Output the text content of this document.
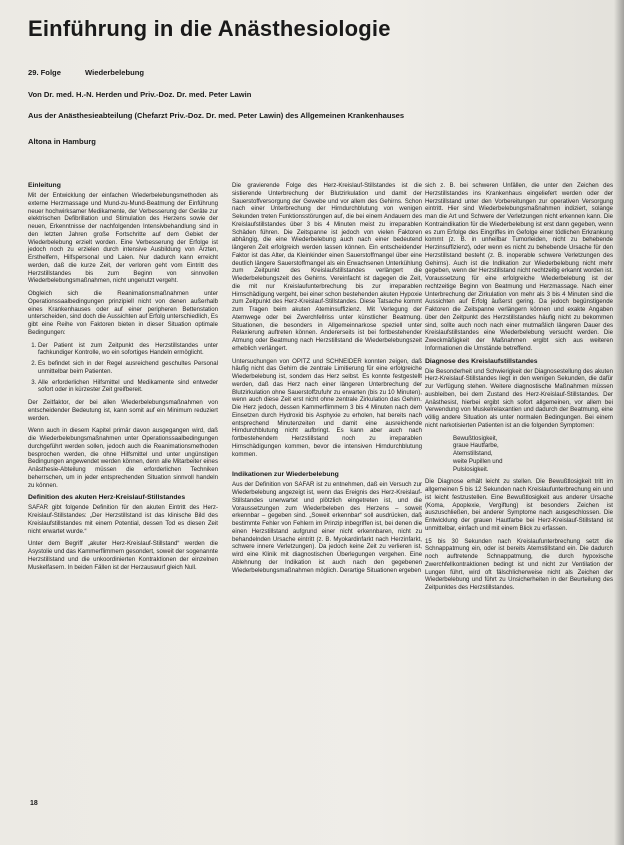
Einführung in die Anästhesiologie
29. Folge	Wiederbelebung
Von Dr. med. H.-N. Herden und Priv.-Doz. Dr. med. Peter Lawin
Aus der Anästhesieabteilung (Chefarzt Priv.-Doz. Dr. med. Peter Lawin) des Allgemeinen Krankenhauses
Altona in Hamburg
Einleitung

Mit der Entwicklung der einfachen Wiederbelebungsmethoden als externe Herzmassage und Mund-zu-Mund-Beatmung der Einführung neuer hochwirksamer Medikamente, der Verbesserung der Geräte zur elektrischen Defibrillation und Stimulation des Herzens sowie der neuen, Erkenntnisse der nachfolgenden Intensivbehandlung sind in den letzten Jahren große Fortschritte auf dem Gebiet der Wiederbelebung erzielt worden. Eine Verbesserung der Erfolge ist jedoch noch zu erzielen durch intensive Ausbildung von Ärzten, Ersthelfern, Hilfspersonal und Laien. Nur dadurch kann erreicht werden, daß die kurze Zeit, der verloren geht vom Eintritt des Herzstillstandes bis zum Beginn von sinnvollen Wiederbelebungsmaßnahmen, nicht ungenutzt vergeht.

Obgleich sich die Reanimationsmaßnahmen unter Operationssaalbedingungen prinzipiell nicht von denen außerhalb eines Krankenhauses oder auf einer peripheren Bettenstation unterscheiden, sind doch die Aussichten auf Erfolg unterschiedlich, Es gibt eine Reihe von Faktoren bieten in dieser Situation optimale Bedingungen:

1. Der Patient ist zum Zeitpunkt des Herzstillstandes unter fachkundiger Kontrolle, wo ein sofortiges Handeln ermöglicht.
2. Es befindet sich in der Regel ausreichend geschultes Personal unmittelbar beim Patienten.
3. Alle erforderlichen Hilfsmittel und Medikamente sind entweder sofort oder in kürzester Zeit greifbereit.

Der Zeitfaktor, der bei allen Wiederbelebungsmaßnahmen von entscheidender Bedeutung ist, kann somit auf ein Minimum reduziert werden.

Wenn auch in diesem Kapitel primär davon ausgegangen wird, daß die Wiederbelebungsmaßnahmen unter Operationssaalbedingungen durchgeführt werden sollen, jedoch auch die Reanimationsmethoden besprochen werden, die ohne Hilfsmittel und unter ungünstigen Bedingungen angewendet werden können, denn alle Mitarbeiter eines Anästhesie-Abteilung müssen die erforderlichen Techniken beherrschen, um in jeder entsprechenden Situation sinnvoll handeln zu können.

Definition des akuten Herz-Kreislauf-Stillstandes

SAFAR gibt folgende Definition für den akuten Eintritt des Herz-Kreislauf-Stillstandes: „Der Herzstillstand ist das klinische Bild des Kreislaufstillstandes mit einem Potential, dessen Tod es diesen Zeit nicht erwartet wurde.“

Unter dem Begriff „akuter Herz-Kreislauf-Stillstand“ werden die Asystolie und das Kammerflimmern gesondert, soweit der sogenannte Herzstillstand und die unkoordinierten Kontraktionen der einzelnen Muskelfasern. In beiden Fällen ist der Herzauswurf gleich Null.

Die gravierende Folge des Herz-Kreislauf-Stillstandes ist die sistierende Unterbrechung der Blutzirkulation und damit der Sauerstoffversorgung der Gewebe und vor allem des Gehirns. Schon nach einer Unterbrechung der Hirndurchblutung von wenigen Sekunden treten Funktionsstörungen auf, die bei einem Andauern des Kreislaufstillstandes über 3 bis 4 Minuten meist zu irreparablen Schäden führen. Die Zeitspanne ist jedoch von vielen Faktoren abhängig, die eine Wiederbelebung auch nach einer bedeutend längeren Zeit erfolgreich werden lassen können. Ein entscheidender Faktor ist das Alter, da Kleinkinder einen Sauerstoffmangel über eine deutlich längere Sauerstoffmangel als ein Erwachsenen Unterkühlung zum Zeitpunkt des Kreislaufstillstandes verlängert die Wiederbelebungszeit des Gehirns. Vereinfacht ist dagegen die Zeit, die mit nur Kreislaufunterbrechung bis zur irreparablen Hirnschädigung vergeht, bei einer schon bestehenden akuten Hypoxie zum Zeitpunkt des Herz-Kreislauf-Stillstandes. Diese Tatsache kommt zum Tragen beim akuten Ateminsuffizienz. Mit Verlegung der Atemwege oder bei Zwerchfellriss unter künstlicher Beatmung. Situationen, die besonders in Allgemeinnarkose speziell unter Relaxierung auftreten können. Andererseits ist bei fortbestehender Atmung oder Beatmung nach Herzstillstand die Wiederbelebungszeit erheblich verlängert.

Untersuchungen von OPITZ und SCHNEIDER konnten zeigen, daß häufig nicht das Gehirn die zentrale Limitierung für eine erfolgreiche Wiederbelebung ist, sondern das Herz selbst. Es konnte festgestellt werden, daß das Herz nach einer längeren Unterbrechung der Blutzirkulation ohne Sauerstoffzufuhr zu erwarten (bis zu 10 Minuten), wenn auch diese Zeit erst nicht ohne zentrale Zirkulation das Gehirn. Die Herz jedoch, dessen Kammerflimmern 3 bis 4 Minuten nach dem Einsetzen durch Hydroxid bis Asphyxie zu erholen, hat bereits nach entsprechend Minutenzeiten und damit eine ausreichende Hirndurchblutung nicht aufbringt. Es kann aber auch nach fortbestehendem Herzstillstand noch zu irreparablen Hirnschädigungen kommen, bevor die intensiven Hirndurchblutung kommen.

Indikationen zur Wiederbelebung

Aus der Definition von SAFAR ist zu entnehmen, daß ein Versuch zur Wiederbelebung angezeigt ist, wenn das Ereignis des Herz-Kreislauf-Stillstandes unerwartet und plötzlich eingetreten ist, und die Voraussetzungen zum Wiederbeleben des Herzens – soweit erkennbar – gegeben sind. „Soweit erkennbar“ soll ausdrücken, daß bestimmte Fehler von Fehlern im Prinzip inbegriffen ist, bei denen die einen Herzstillstand aufgrund einer nicht erkennbaren, nicht zu behandelnden Ursache eintritt (z. B. Myokardinfarkt nach Herzinfarkt, schwere innere Verletzungen). Da jedoch keine Zeit zu verlieren ist, wird eine Klinik mit diagnostischen Überlegungen vergehen. Eine Ablehnung der Indikation ist auch nach den gegebenen Wiederbelebungsmaßnahmen möglich. Derartige Situationen ergeben

sich z. B. bei schweren Unfällen, die unter den Zeichen des Herzstillstandes ins Krankenhaus eingeliefert werden oder der Herzstillstand unter den Vorbereitungen zur operativen Versorgung eintritt. Hier sind Wiederbelebungsmaßnahmen indiziert, solange man die Art und Schwere der Verletzungen nicht erkennen kann. Die Kontraindikation für die Wiederbelebung ist erst dann gegeben, wenn es zum Erfolge des Eingriffes im Gefolge einer tödlichen Erkrankung kommt (z. B. in unheilbar Tumorleiden, nicht zu behebende Herzinsuffizienz), oder wenn es nicht zu behebende Ursache für den Herzstillstand besteht (z. B. inoperable schwere Verletzungen des Gehirns). Auch ist die Indikation zur Wiederbelebung nicht mehr gegeben, wenn der Herzstillstand nicht rechtzeitig erkannt worden ist. Voraussetzung für eine erfolgreiche Wiederbelebung ist der rechtzeitige Beginn von Beatmung und Herzmassage. Nach einer Unterbrechung der Zirkulation von mehr als 3 bis 4 Minuten sind die Aussichten auf Erfolg äußerst gering. Da jedoch begünstigende Faktoren die Zeitspanne verlängern können und exakte Angaben über den Zeitpunkt des Herzstillstandes häufig nicht zu bekommen sind, sollte auch noch nach einer mutmaßlich längeren Dauer des Kreislaufstillstandes eine Wiederbelebung versucht werden. Die Zweckmäßigkeit der Maßnahmen ergibt sich aus weiteren Informationen die Umstände betreffend.

Diagnose des Kreislaufstillstandes

Die Besonderheit und Schwierigkeit der Diagnosestellung des akuten Herz-Kreislauf-Stillstandes liegt in den wenigen Sekunden, die dafür zur Verfügung stehen. Weitere diagnostische Maßnahmen müssen ausbleiben, bei dem Zustand des Herz-Kreislauf-Stillstandes. Der Anästhesist, hierbei ergibt sich sofort allgemeinen, vor allem bei Verwendung von Muskelrelaxantien und dadurch der Beatmung, eine völlig andere Situation als unter normalen Bedingungen. Bei einem nicht narkotisierten Patienten ist an die folgenden Symptomen:

Bewußtlosigkeit,
graue Hautfarbe,
Atemstillstand,
weite Pupillen und
Pulslosigkeit.

Die Diagnose erhält leicht zu stellen. Die Bewußtlosigkeit tritt im allgemeinen 5 bis 12 Sekunden nach Kreislaufunterbrechung ein und ist leicht festzustellen. Eine Bewußtlosigkeit aus anderer Ursache (Koma, Apoplexie, Vergiftung) ist besonders Zeichen ist auszuschließen, bei anderer Symptome nach ausgeschlossen. Die Entwicklung der grauen Hautfarbe bei Herz-Kreislauf-Stillstand ist unmittelbar, einfach und mit einem Blick zu erfassen.

15 bis 30 Sekunden nach Kreislaufunterbrechung setzt die Schnappatmung ein, oder ist bereits Atemstillstand ein. Die dadurch noch auftretende Schnappatmung, die durch hypoxische Zwerchfellkontraktionen bedingt ist und nicht zur Ventilation der Lungen führt, wird oft fälschlicherweise nicht als Zeichen der Wiederbelebung und führt zu Unsicherheiten in der Beurteilung des Zeitpunktes des Herzstillstandes.

18
